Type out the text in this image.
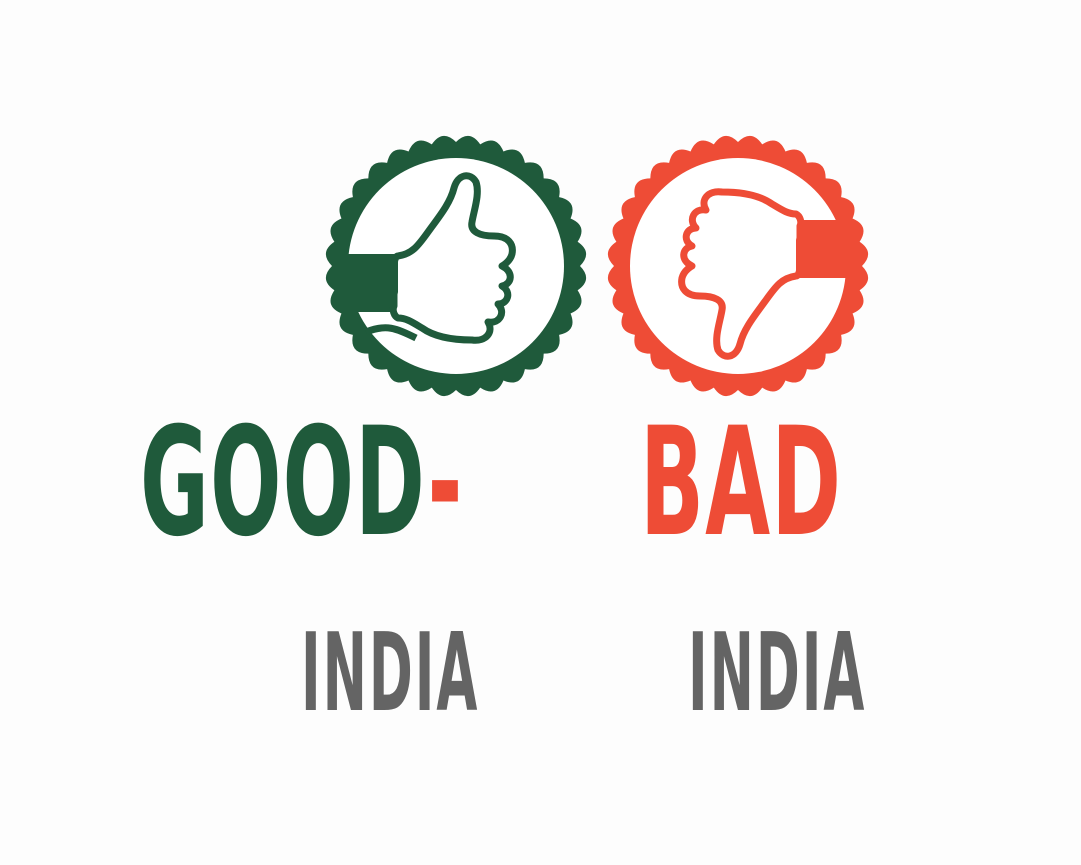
GOOD- BAD
INDIA INDIA
